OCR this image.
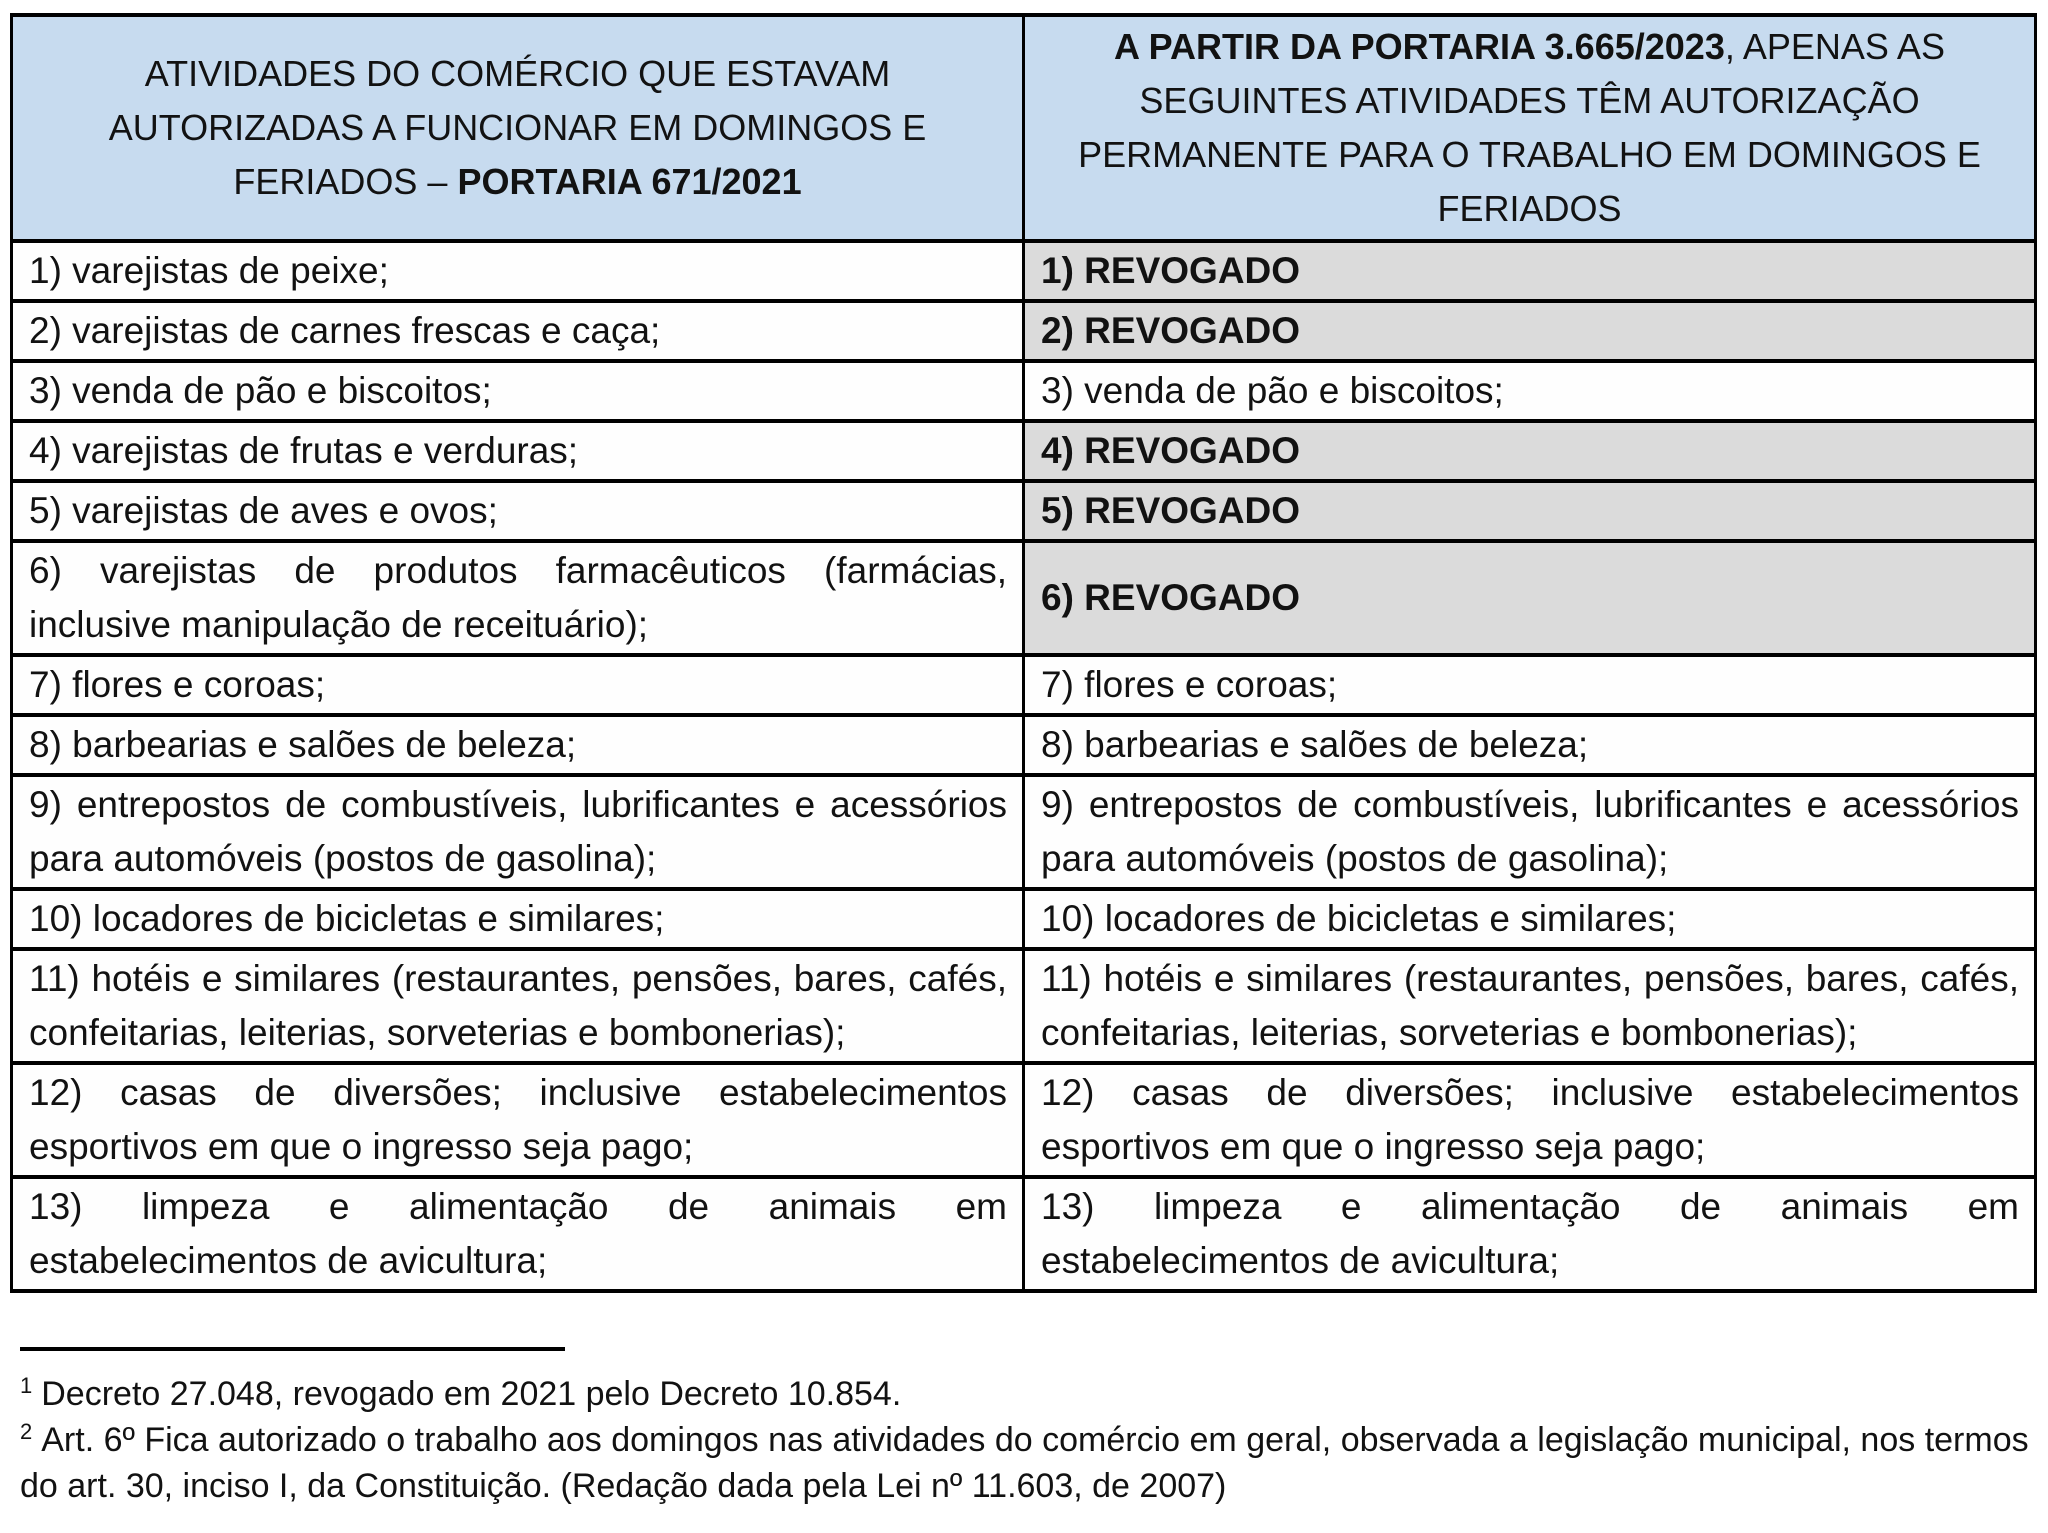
ATIVIDADES DO COMÉRCIO QUE ESTAVAM AUTORIZADAS A FUNCIONAR EM DOMINGOS E FERIADOS – PORTARIA 671/2021	A PARTIR DA PORTARIA 3.665/2023, APENAS AS SEGUINTES ATIVIDADES TÊM AUTORIZAÇÃO PERMANENTE PARA O TRABALHO EM DOMINGOS E FERIADOS
1) varejistas de peixe;	1) REVOGADO
2) varejistas de carnes frescas e caça;	2) REVOGADO
3) venda de pão e biscoitos;	3) venda de pão e biscoitos;
4) varejistas de frutas e verduras;	4) REVOGADO
5) varejistas de aves e ovos;	5) REVOGADO
6) varejistas de produtos farmacêuticos (farmácias, inclusive manipulação de receituário);	6) REVOGADO
7) flores e coroas;	7) flores e coroas;
8) barbearias e salões de beleza;	8) barbearias e salões de beleza;
9) entrepostos de combustíveis, lubrificantes e acessórios para automóveis (postos de gasolina);	9) entrepostos de combustíveis, lubrificantes e acessórios para automóveis (postos de gasolina);
10) locadores de bicicletas e similares;	10) locadores de bicicletas e similares;
11) hotéis e similares (restaurantes, pensões, bares, cafés, confeitarias, leiterias, sorveterias e bombonerias);	11) hotéis e similares (restaurantes, pensões, bares, cafés, confeitarias, leiterias, sorveterias e bombonerias);
12) casas de diversões; inclusive estabelecimentos esportivos em que o ingresso seja pago;	12) casas de diversões; inclusive estabelecimentos esportivos em que o ingresso seja pago;
13) limpeza e alimentação de animais em estabelecimentos de avicultura;	13) limpeza e alimentação de animais em estabelecimentos de avicultura;

$^1$ Decreto 27.048, revogado em 2021 pelo Decreto 10.854.

$^2$ Art. 6º Fica autorizado o trabalho aos domingos nas atividades do comércio em geral, observada a legislação municipal, nos termos do art. 30, inciso I, da Constituição. (Redação dada pela Lei nº 11.603, de 2007)
